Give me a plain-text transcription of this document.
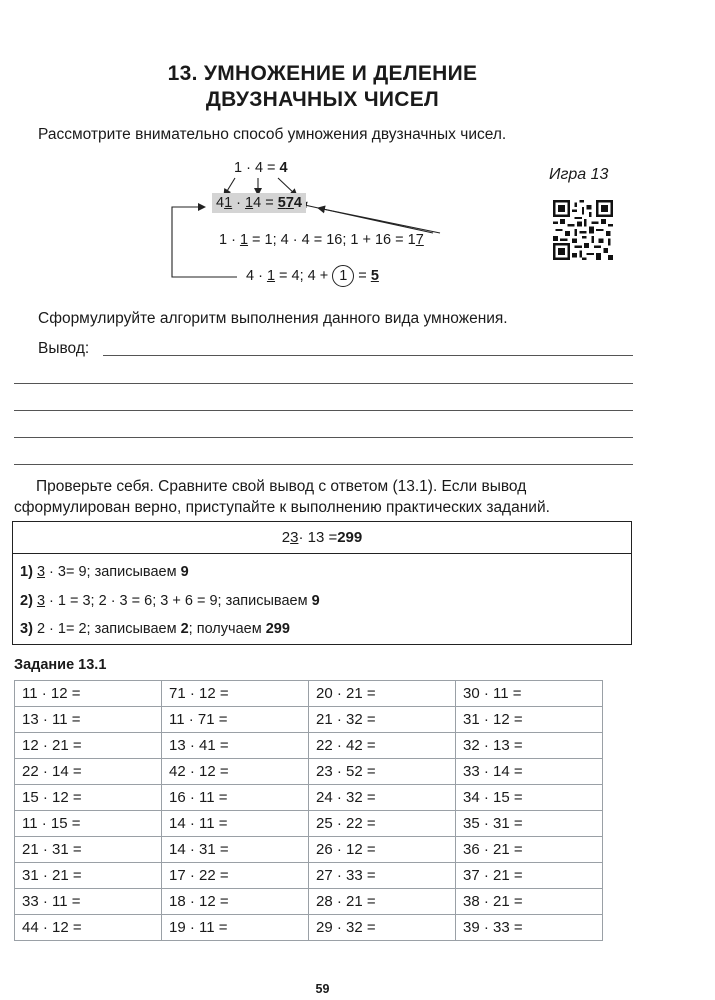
13. УМНОЖЕНИЕ И ДЕЛЕНИЕ
ДВУЗНАЧНЫХ ЧИСЕЛ
Рассмотрите внимательно способ умножения двузначных чисел.
Игра 13
1 · 4 = 4
41 · 14 = 574
1 · 1 = 1; 4 · 4 = 16; 1 + 16 = 17
4 · 1 = 4; 4 + 1 = 5
Сформулируйте алгоритм выполнения данного вида умножения.
Вывод:
Проверьте себя. Сравните свой вывод с ответом (13.1). Если вывод сформулирован верно, приступайте к выполнению практических заданий.
2 3 · 13 = 299
1) 3 · 3= 9; записываем 9
2) 3 · 1 = 3; 2 · 3 = 6; 3 + 6 = 9; записываем 9
3) 2 · 1= 2; записываем 2; получаем 299
Задание 13.1
11 · 12 =	71 · 12 =	20 · 21 =	30 · 11 =
13 · 11 =	11 · 71 =	21 · 32 =	31 · 12 =
12 · 21 =	13 · 41 =	22 · 42 =	32 · 13 =
22 · 14 =	42 · 12 =	23 · 52 =	33 · 14 =
15 · 12 =	16 · 11 =	24 · 32 =	34 · 15 =
11 · 15 =	14 · 11 =	25 · 22 =	35 · 31 =
21 · 31 =	14 · 31 =	26 · 12 =	36 · 21 =
31 · 21 =	17 · 22 =	27 · 33 =	37 · 21 =
33 · 11 =	18 · 12 =	28 · 21 =	38 · 21 =
44 · 12 =	19 · 11 =	29 · 32 =	39 · 33 =
59
